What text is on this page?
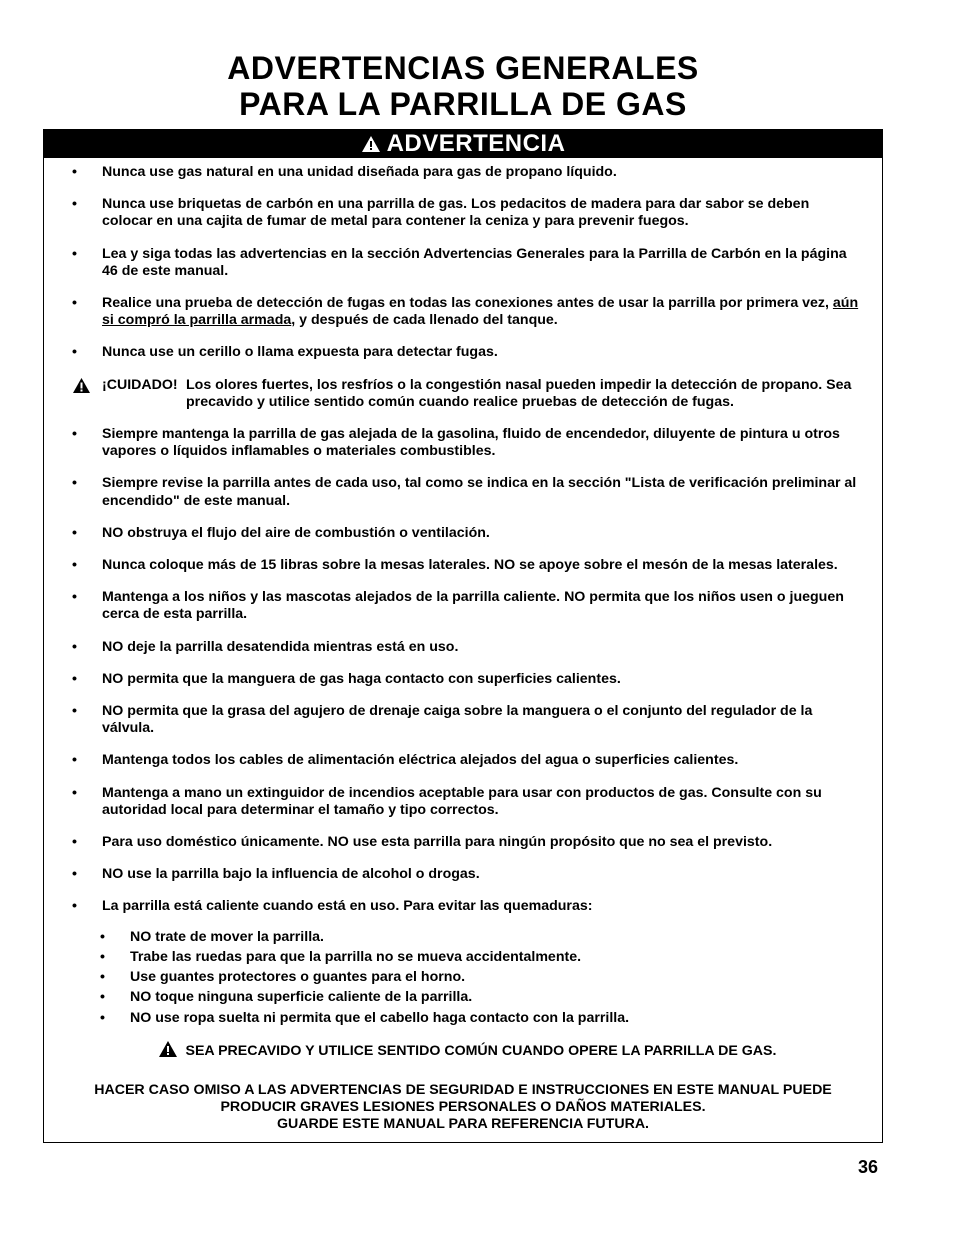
ADVERTENCIAS GENERALES
PARA LA PARRILLA DE GAS
ADVERTENCIA
• Nunca use gas natural en una unidad diseñada para gas de propano líquido.
• Nunca use briquetas de carbón en una parrilla de gas. Los pedacitos de madera para dar sabor se deben colocar en una cajita de fumar de metal para contener la ceniza y para prevenir fuegos.
• Lea y siga todas las advertencias en la sección Advertencias Generales para la Parrilla de Carbón en la página 46 de este manual.
• Realice una prueba de detección de fugas en todas las conexiones antes de usar la parrilla por primera vez, aún si compró la parrilla armada, y después de cada llenado del tanque.
• Nunca use un cerillo o llama expuesta para detectar fugas.
¡CUIDADO! Los olores fuertes, los resfríos o la congestión nasal pueden impedir la detección de propano. Sea precavido y utilice sentido común cuando realice pruebas de detección de fugas.
• Siempre mantenga la parrilla de gas alejada de la gasolina, fluido de encendedor, diluyente de pintura u otros vapores o líquidos inflamables o materiales combustibles.
• Siempre revise la parrilla antes de cada uso, tal como se indica en la sección "Lista de verificación preliminar al encendido" de este manual.
• NO obstruya el flujo del aire de combustión o ventilación.
• Nunca coloque más de 15 libras sobre la mesas laterales. NO se apoye sobre el mesón de la mesas laterales.
• Mantenga a los niños y las mascotas alejados de la parrilla caliente. NO permita que los niños usen o jueguen cerca de esta parrilla.
• NO deje la parrilla desatendida mientras está en uso.
• NO permita que la manguera de gas haga contacto con superficies calientes.
• NO permita que la grasa del agujero de drenaje caiga sobre la manguera o el conjunto del regulador de la válvula.
• Mantenga todos los cables de alimentación eléctrica alejados del agua o superficies calientes.
• Mantenga a mano un extinguidor de incendios aceptable para usar con productos de gas. Consulte con su autoridad local para determinar el tamaño y tipo correctos.
• Para uso doméstico únicamente. NO use esta parrilla para ningún propósito que no sea el previsto.
• NO use la parrilla bajo la influencia de alcohol o drogas.
• La parrilla está caliente cuando está en uso. Para evitar las quemaduras:
• NO trate de mover la parrilla.
• Trabe las ruedas para que la parrilla no se mueva accidentalmente.
• Use guantes protectores o guantes para el horno.
• NO toque ninguna superficie caliente de la parrilla.
• NO use ropa suelta ni permita que el cabello haga contacto con la parrilla.
SEA PRECAVIDO Y UTILICE SENTIDO COMÚN CUANDO OPERE LA PARRILLA DE GAS.
HACER CASO OMISO A LAS ADVERTENCIAS DE SEGURIDAD E INSTRUCCIONES EN ESTE MANUAL PUEDE
PRODUCIR GRAVES LESIONES PERSONALES O DAÑOS MATERIALES.
GUARDE ESTE MANUAL PARA REFERENCIA FUTURA.
36
